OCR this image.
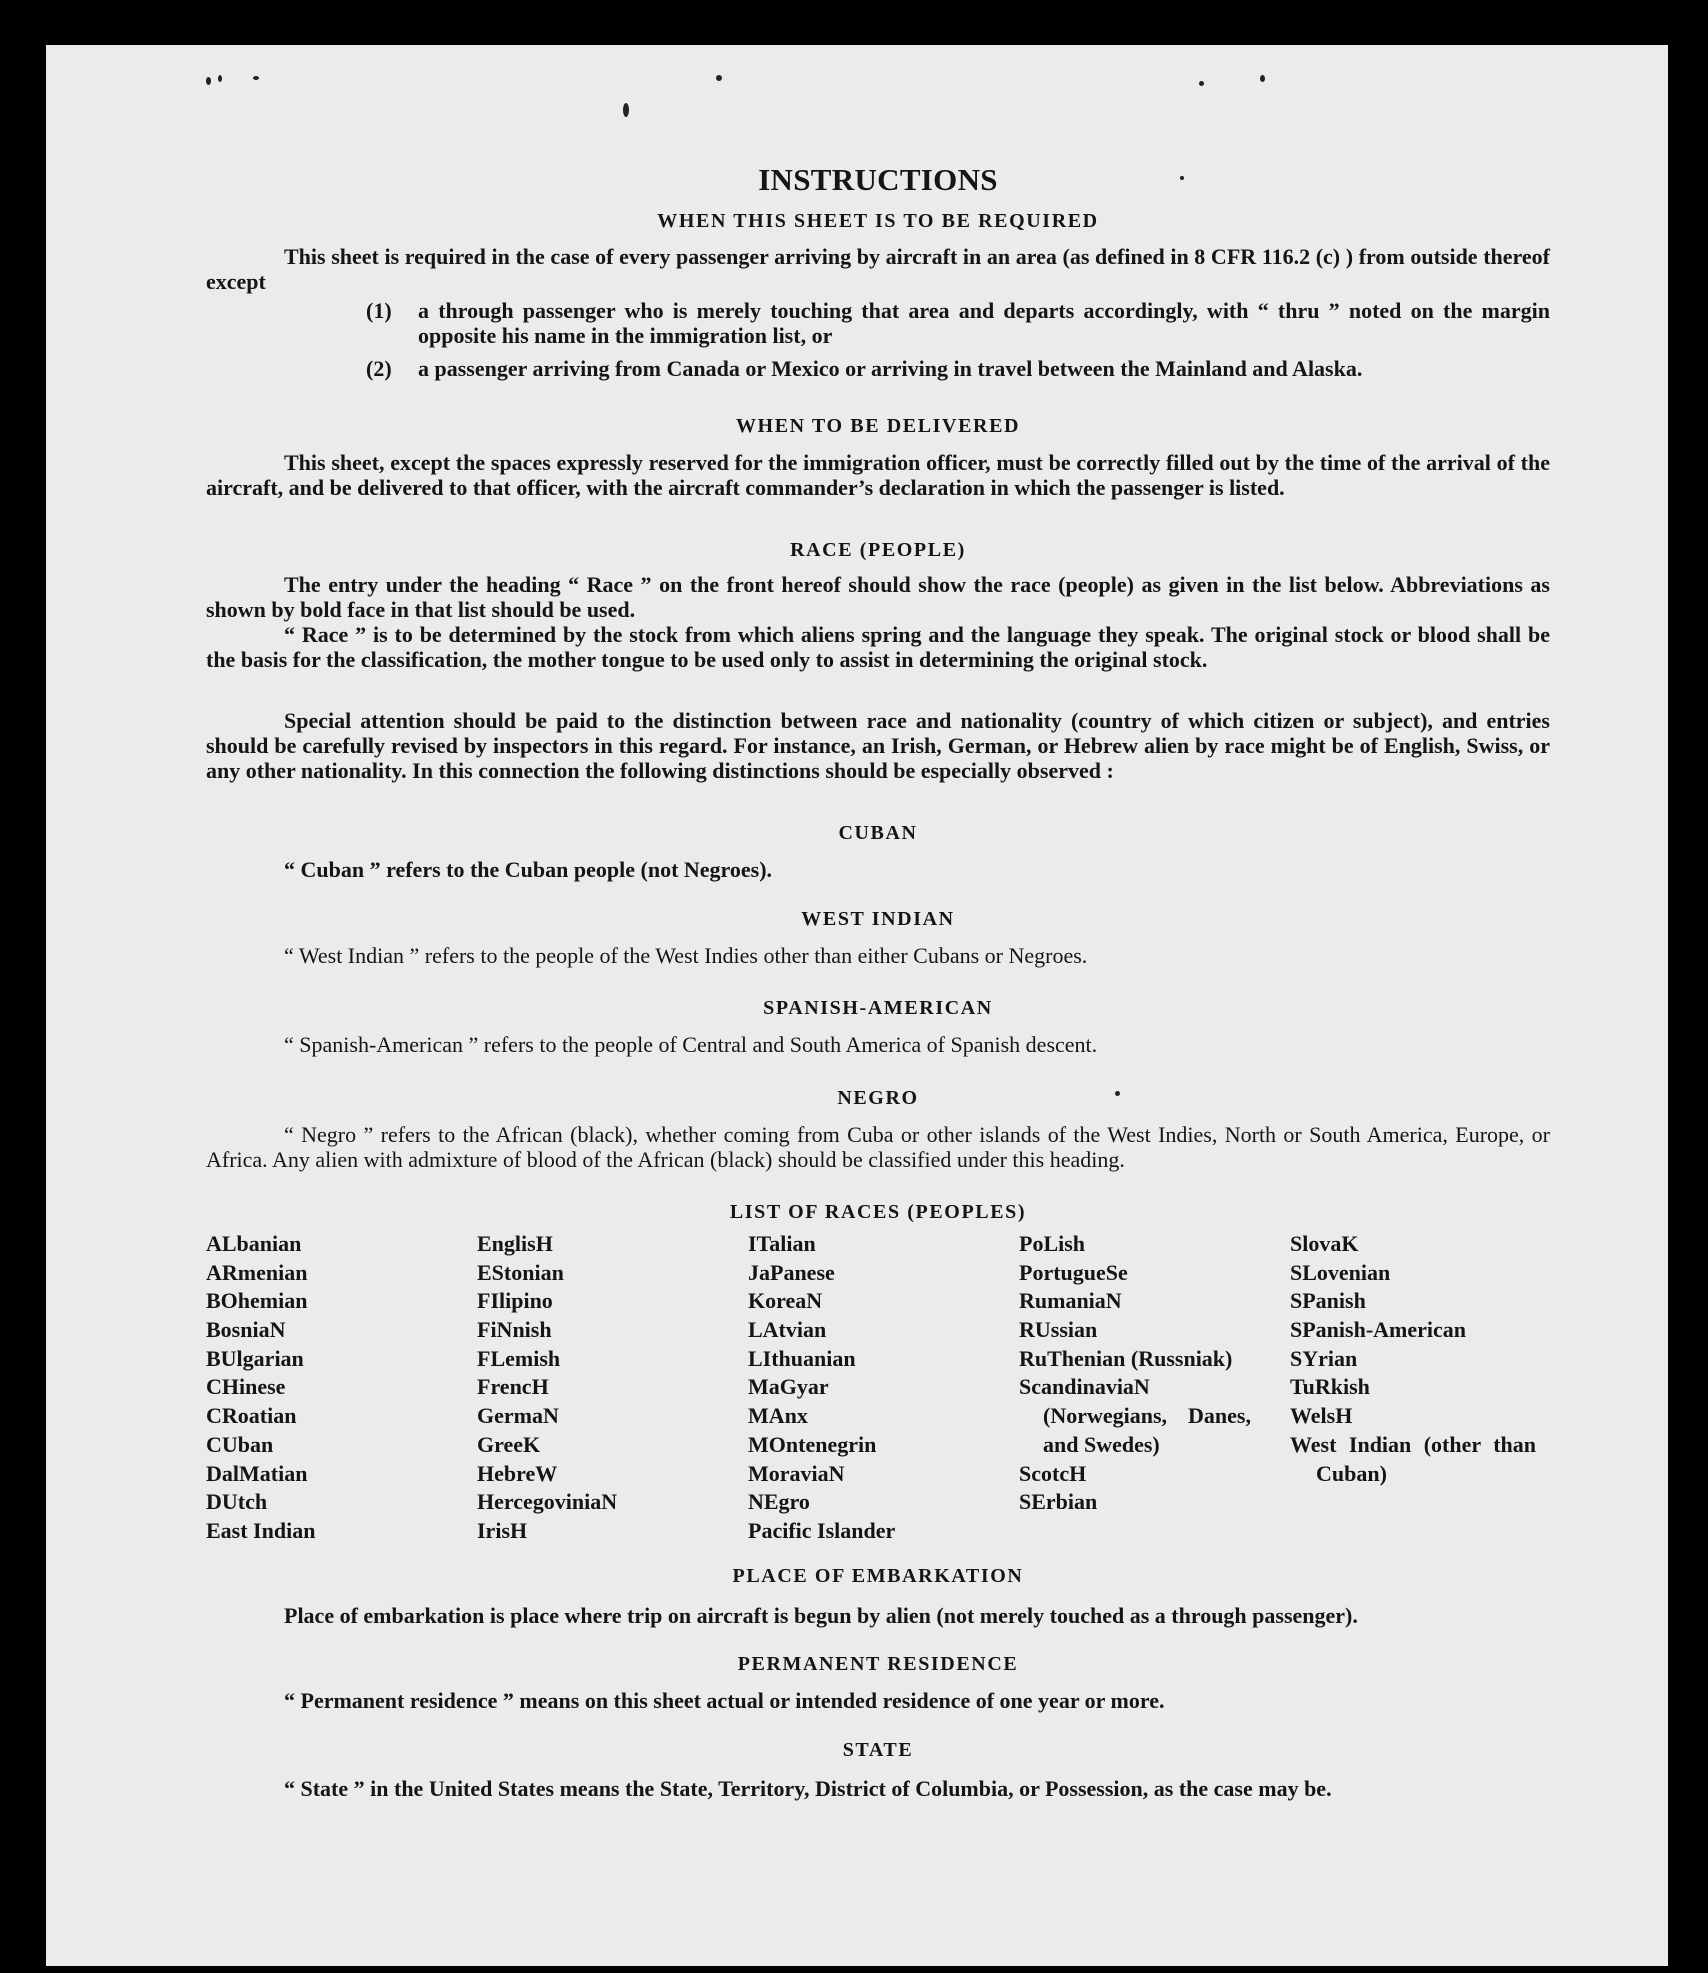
INSTRUCTIONS
WHEN THIS SHEET IS TO BE REQUIRED
This sheet is required in the case of every passenger arriving by aircraft in an area (as defined in 8 CFR 116.2 (c) ) from outside thereof except
(1) a through passenger who is merely touching that area and departs accordingly, with “ thru ” noted on the margin opposite his name in the immigration list, or
(2) a passenger arriving from Canada or Mexico or arriving in travel between the Mainland and Alaska.
WHEN TO BE DELIVERED
This sheet, except the spaces expressly reserved for the immigration officer, must be correctly filled out by the time of the arrival of the aircraft, and be delivered to that officer, with the aircraft commander’s declaration in which the passenger is listed.
RACE (PEOPLE)
The entry under the heading “ Race ” on the front hereof should show the race (people) as given in the list below. Abbreviations as shown by bold face in that list should be used.
“ Race ” is to be determined by the stock from which aliens spring and the language they speak. The original stock or blood shall be the basis for the classification, the mother tongue to be used only to assist in determining the original stock.
Special attention should be paid to the distinction between race and nationality (country of which citizen or subject), and entries should be carefully revised by inspectors in this regard. For instance, an Irish, German, or Hebrew alien by race might be of English, Swiss, or any other nationality. In this connection the following distinctions should be especially observed :
CUBAN
“ Cuban ” refers to the Cuban people (not Negroes).
WEST INDIAN
“ West Indian ” refers to the people of the West Indies other than either Cubans or Negroes.
SPANISH-AMERICAN
“ Spanish-American ” refers to the people of Central and South America of Spanish descent.
NEGRO
“ Negro ” refers to the African (black), whether coming from Cuba or other islands of the West Indies, North or South America, Europe, or Africa. Any alien with admixture of blood of the African (black) should be classified under this heading.
LIST OF RACES (PEOPLES)
ALbanian
ARmenian
BOhemian
BosniaN
BUlgarian
CHinese
CRoatian
CUban
DalMatian
DUtch
East Indian
EnglisH
EStonian
FIlipino
FiNnish
FLemish
FrencH
GermaN
GreeK
HebreW
HercegoviniaN
IrisH
ITalian
JaPanese
KoreaN
LAtvian
LIthuanian
MaGyar
MAnx
MOntenegrin
MoraviaN
NEgro
Pacific Islander
PoLish
PortugueSe
RumaniaN
RUssian
RuThenian (Russniak)
ScandinaviaN (Norwegians, Danes, and Swedes)
ScotcH
SErbian
SlovaK
SLovenian
SPanish
SPanish-American
SYrian
TuRkish
WelsH
West Indian (other than Cuban)
PLACE OF EMBARKATION
Place of embarkation is place where trip on aircraft is begun by alien (not merely touched as a through passenger).
PERMANENT RESIDENCE
“ Permanent residence ” means on this sheet actual or intended residence of one year or more.
STATE
“ State ” in the United States means the State, Territory, District of Columbia, or Possession, as the case may be.
